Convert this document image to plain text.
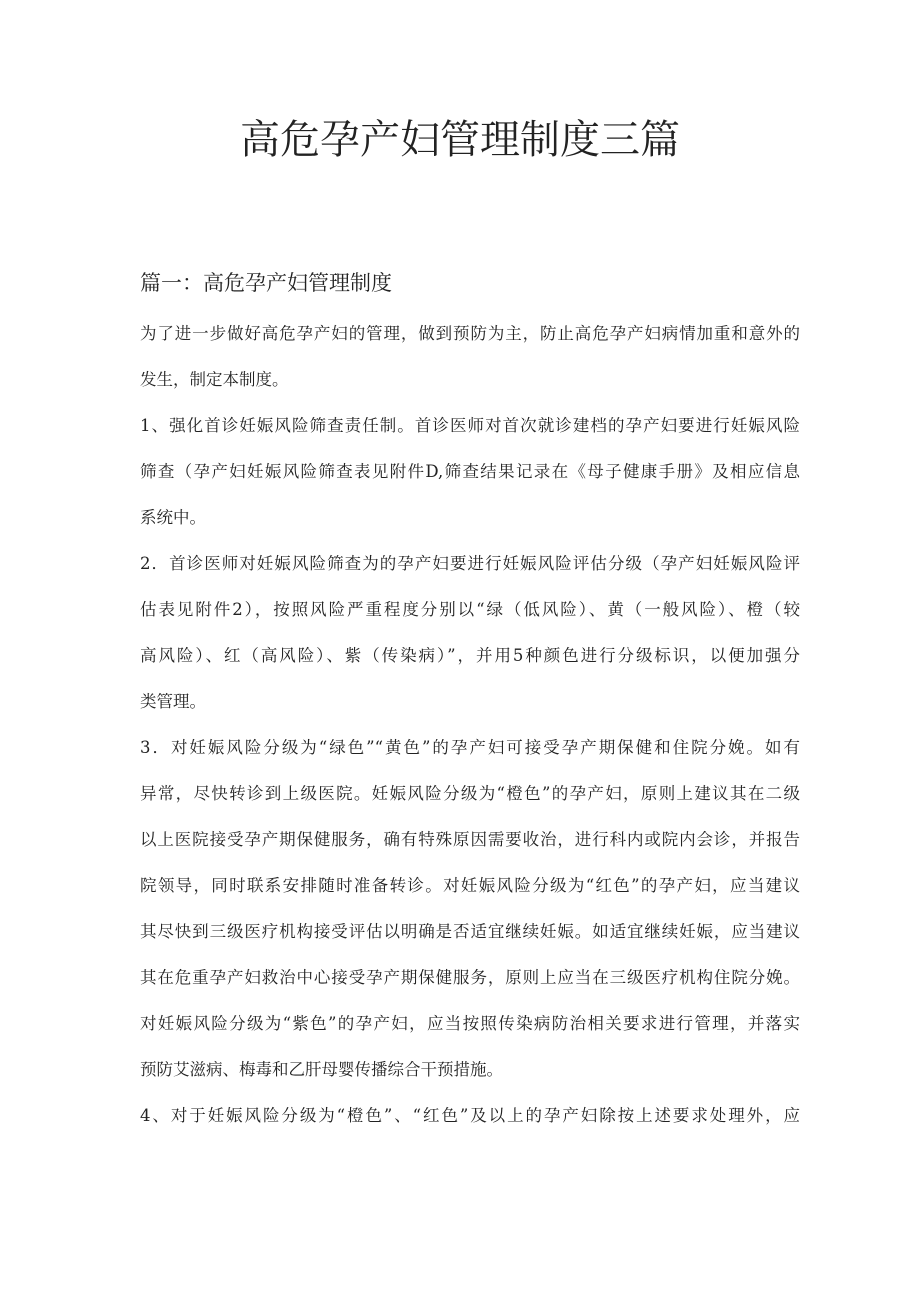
高危孕产妇管理制度三篇
篇一：高危孕产妇管理制度
为了进一步做好高危孕产妇的管理，做到预防为主，防止高危孕产妇病情加重和意外的
发生，制定本制度。
1、强化首诊妊娠风险筛查责任制。首诊医师对首次就诊建档的孕产妇要进行妊娠风险
筛查（孕产妇妊娠风险筛查表见附件D,筛查结果记录在《母子健康手册》及相应信息
系统中。
2．首诊医师对妊娠风险筛查为的孕产妇要进行妊娠风险评估分级（孕产妇妊娠风险评
估表见附件2），按照风险严重程度分别以“绿（低风险）、黄（一般风险）、橙（较
高风险）、红（高风险）、紫（传染病）”，并用5种颜色进行分级标识，以便加强分
类管理。
3．对妊娠风险分级为“绿色”“黄色”的孕产妇可接受孕产期保健和住院分娩。如有
异常，尽快转诊到上级医院。妊娠风险分级为“橙色”的孕产妇，原则上建议其在二级
以上医院接受孕产期保健服务，确有特殊原因需要收治，进行科内或院内会诊，并报告
院领导，同时联系安排随时准备转诊。对妊娠风险分级为“红色”的孕产妇，应当建议
其尽快到三级医疗机构接受评估以明确是否适宜继续妊娠。如适宜继续妊娠，应当建议
其在危重孕产妇救治中心接受孕产期保健服务，原则上应当在三级医疗机构住院分娩。
对妊娠风险分级为“紫色”的孕产妇，应当按照传染病防治相关要求进行管理，并落实
预防艾滋病、梅毒和乙肝母婴传播综合干预措施。
4、对于妊娠风险分级为“橙色”、“红色”及以上的孕产妇除按上述要求处理外，应
